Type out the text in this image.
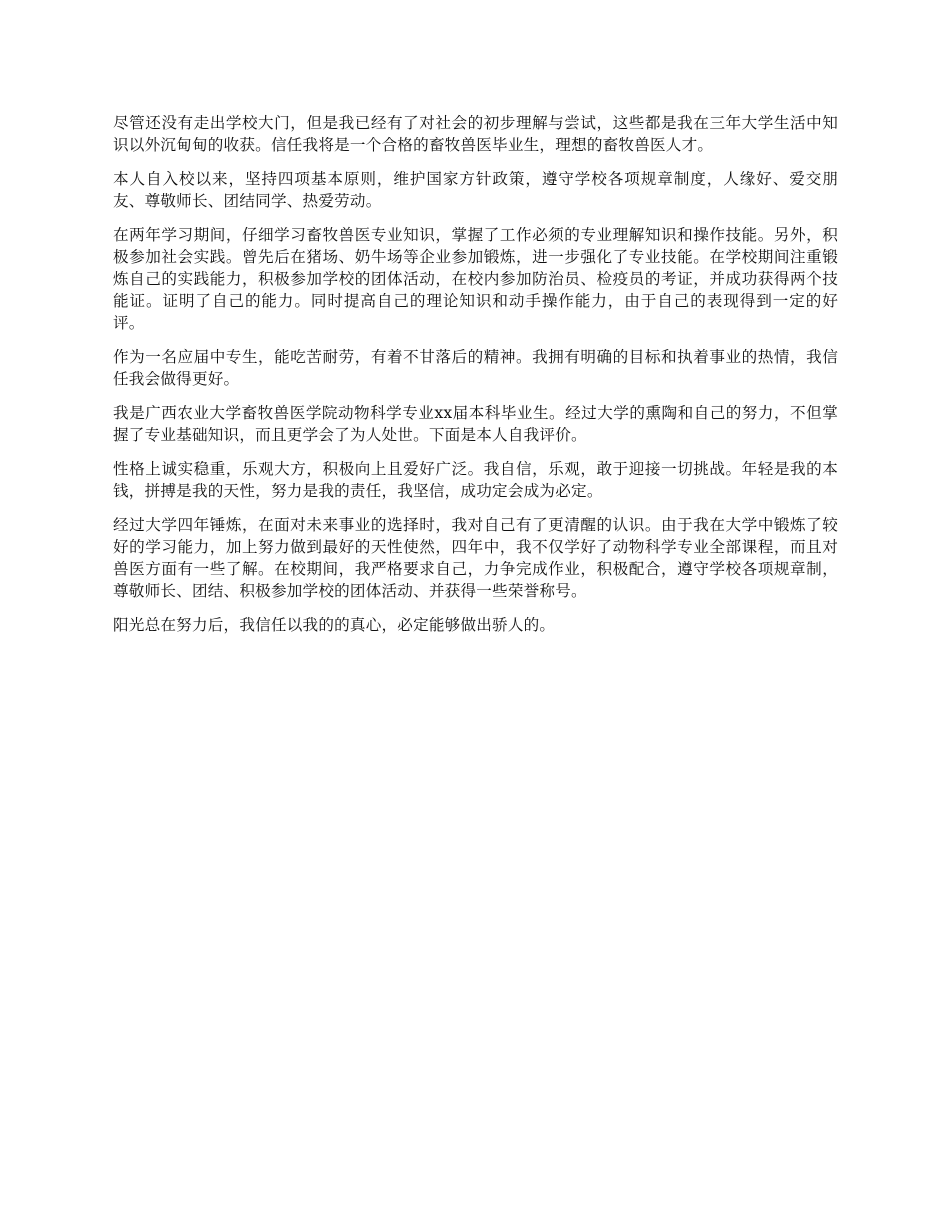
尽管还没有走出学校大门，但是我已经有了对社会的初步理解与尝试，这些都是我在三年大学生活中知识以外沉甸甸的收获。信任我将是一个合格的畜牧兽医毕业生，理想的畜牧兽医人才。

本人自入校以来，坚持四项基本原则，维护国家方针政策，遵守学校各项规章制度，人缘好、爱交朋友、尊敬师长、团结同学、热爱劳动。

在两年学习期间，仔细学习畜牧兽医专业知识，掌握了工作必须的专业理解知识和操作技能。另外，积极参加社会实践。曾先后在猪场、奶牛场等企业参加锻炼，进一步强化了专业技能。在学校期间注重锻炼自己的实践能力，积极参加学校的团体活动，在校内参加防治员、检疫员的考证，并成功获得两个技能证。证明了自己的能力。同时提高自己的理论知识和动手操作能力，由于自己的表现得到一定的好评。

作为一名应届中专生，能吃苦耐劳，有着不甘落后的精神。我拥有明确的目标和执着事业的热情，我信任我会做得更好。

我是广西农业大学畜牧兽医学院动物科学专业xx届本科毕业生。经过大学的熏陶和自己的努力，不但掌握了专业基础知识，而且更学会了为人处世。下面是本人自我评价。

性格上诚实稳重，乐观大方，积极向上且爱好广泛。我自信，乐观，敢于迎接一切挑战。年轻是我的本钱，拼搏是我的天性，努力是我的责任，我坚信，成功定会成为必定。

经过大学四年锤炼，在面对未来事业的选择时，我对自己有了更清醒的认识。由于我在大学中锻炼了较好的学习能力，加上努力做到最好的天性使然，四年中，我不仅学好了动物科学专业全部课程，而且对兽医方面有一些了解。在校期间，我严格要求自己，力争完成作业，积极配合，遵守学校各项规章制，尊敬师长、团结、积极参加学校的团体活动、并获得一些荣誉称号。

阳光总在努力后，我信任以我的的真心，必定能够做出骄人的。
